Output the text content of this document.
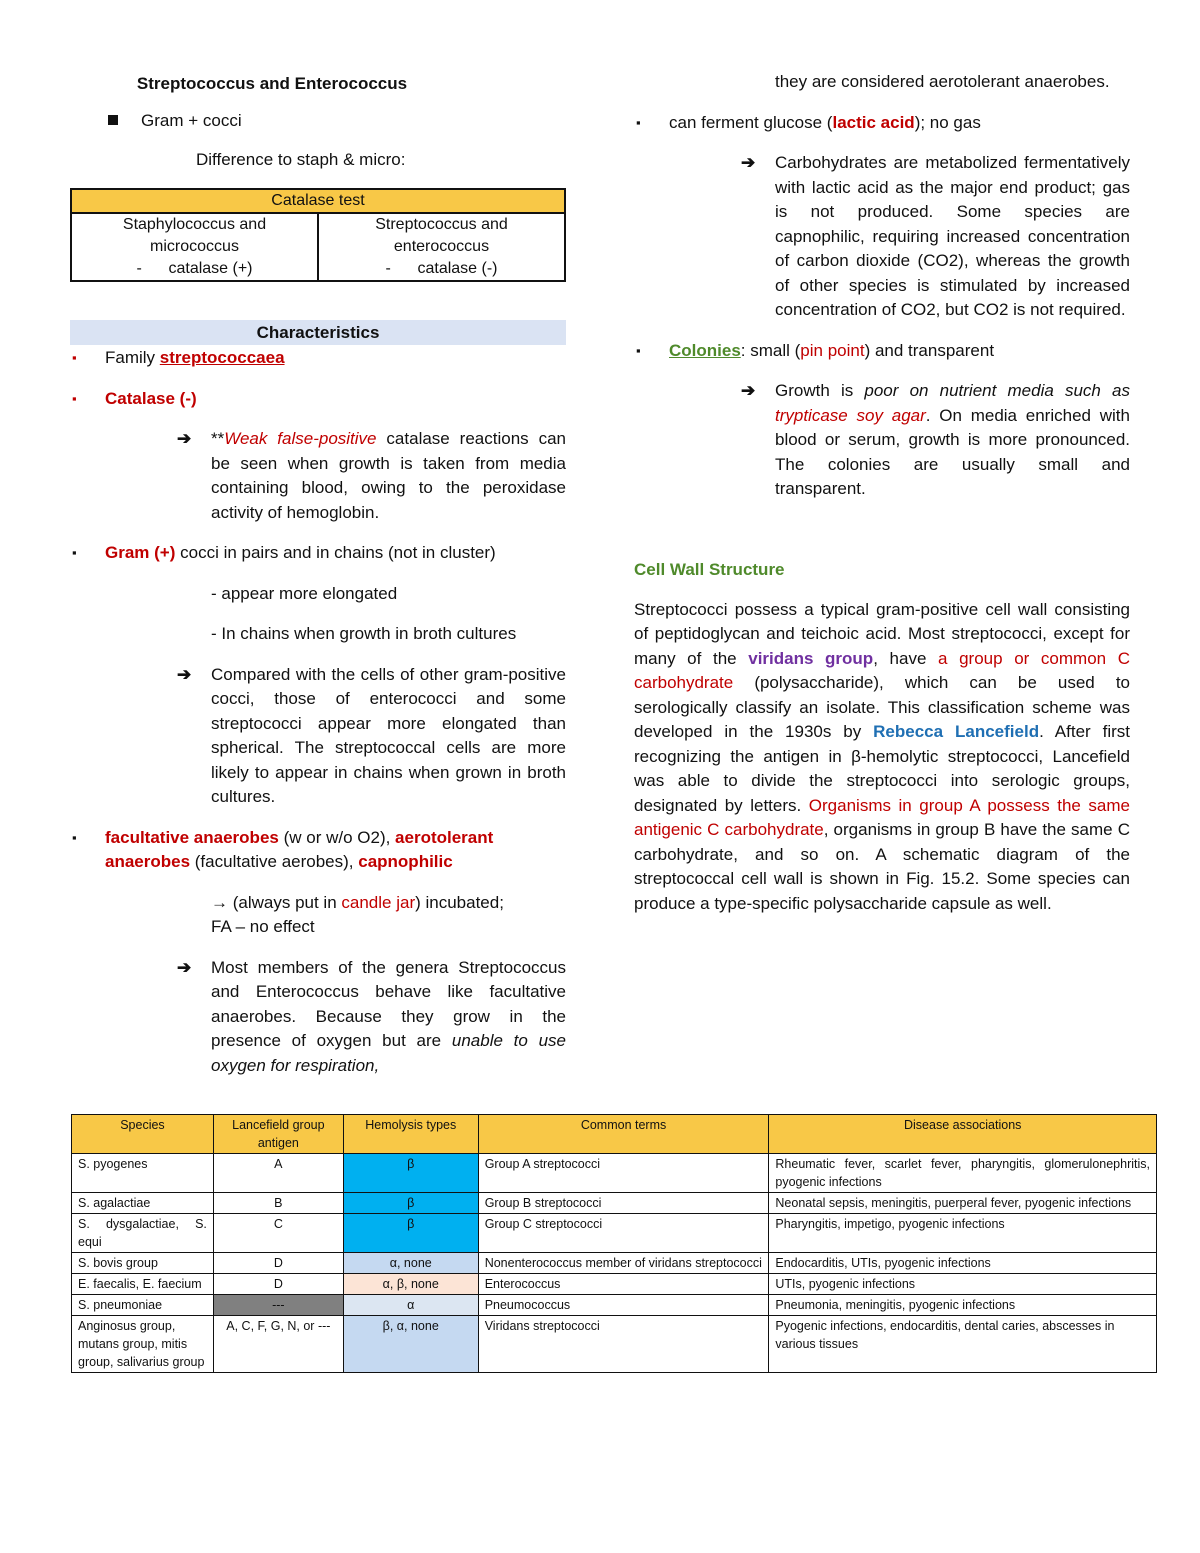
Streptococcus and Enterococcus
Gram + cocci
Difference to staph & micro:
Catalase test

Staphylococcus and
micrococcus
-      catalase (+)

Streptococcus and
enterococcus
-      catalase (-)
Characteristics
▪ Family streptococcaea
▪ Catalase (-)
➔ **Weak false-positive catalase reactions can be seen when growth is taken from media containing blood, owing to the peroxidase activity of hemoglobin.
▪ Gram (+) cocci in pairs and in chains (not in cluster)
- appear more elongated
- In chains when growth in broth cultures
➔ Compared with the cells of other gram-positive cocci, those of enterococci and some streptococci appear more elongated than spherical. The streptococcal cells are more likely to appear in chains when grown in broth cultures.
▪ facultative anaerobes (w or w/o O2), aerotolerant anaerobes (facultative aerobes), capnophilic
→ (always put in candle jar) incubated;
FA – no effect
➔ Most members of the genera Streptococcus and Enterococcus behave like facultative anaerobes. Because they grow in the presence of oxygen but are unable to use oxygen for respiration,
they are considered aerotolerant anaerobes.
▪ can ferment glucose (lactic acid); no gas
➔ Carbohydrates are metabolized fermentatively with lactic acid as the major end product; gas is not produced. Some species are capnophilic, requiring increased concentration of carbon dioxide (CO2), whereas the growth of other species is stimulated by increased concentration of CO2, but CO2 is not required.
▪ Colonies: small (pin point) and transparent
➔ Growth is poor on nutrient media such as trypticase soy agar. On media enriched with blood or serum, growth is more pronounced. The colonies are usually small and transparent.
Cell Wall Structure
Streptococci possess a typical gram-positive cell wall consisting of peptidoglycan and teichoic acid. Most streptococci, except for many of the viridans group, have a group or common C carbohydrate (polysaccharide), which can be used to serologically classify an isolate. This classification scheme was developed in the 1930s by Rebecca Lancefield. After first recognizing the antigen in β-hemolytic streptococci, Lancefield was able to divide the streptococci into serologic groups, designated by letters. Organisms in group A possess the same antigenic C carbohydrate, organisms in group B have the same C carbohydrate, and so on. A schematic diagram of the streptococcal cell wall is shown in Fig. 15.2. Some species can produce a type-specific polysaccharide capsule as well.
Species	Lancefield group antigen	Hemolysis types	Common terms	Disease associations
S. pyogenes	A	β	Group A streptococci	Rheumatic fever, scarlet fever, pharyngitis, glomerulonephritis, pyogenic infections
S. agalactiae	B	β	Group B streptococci	Neonatal sepsis, meningitis, puerperal fever, pyogenic infections
S. dysgalactiae, S. equi	C	β	Group C streptococci	Pharyngitis, impetigo, pyogenic infections
S. bovis group	D	α, none	Nonenterococcus member of viridans streptococci	Endocarditis, UTIs, pyogenic infections
E. faecalis, E. faecium	D	α, β, none	Enterococcus	UTIs, pyogenic infections
S. pneumoniae	---	α	Pneumococcus	Pneumonia, meningitis, pyogenic infections
Anginosus group, mutans group, mitis group, salivarius group	A, C, F, G, N, or ---	β, α, none	Viridans streptococci	Pyogenic infections, endocarditis, dental caries, abscesses in various tissues
